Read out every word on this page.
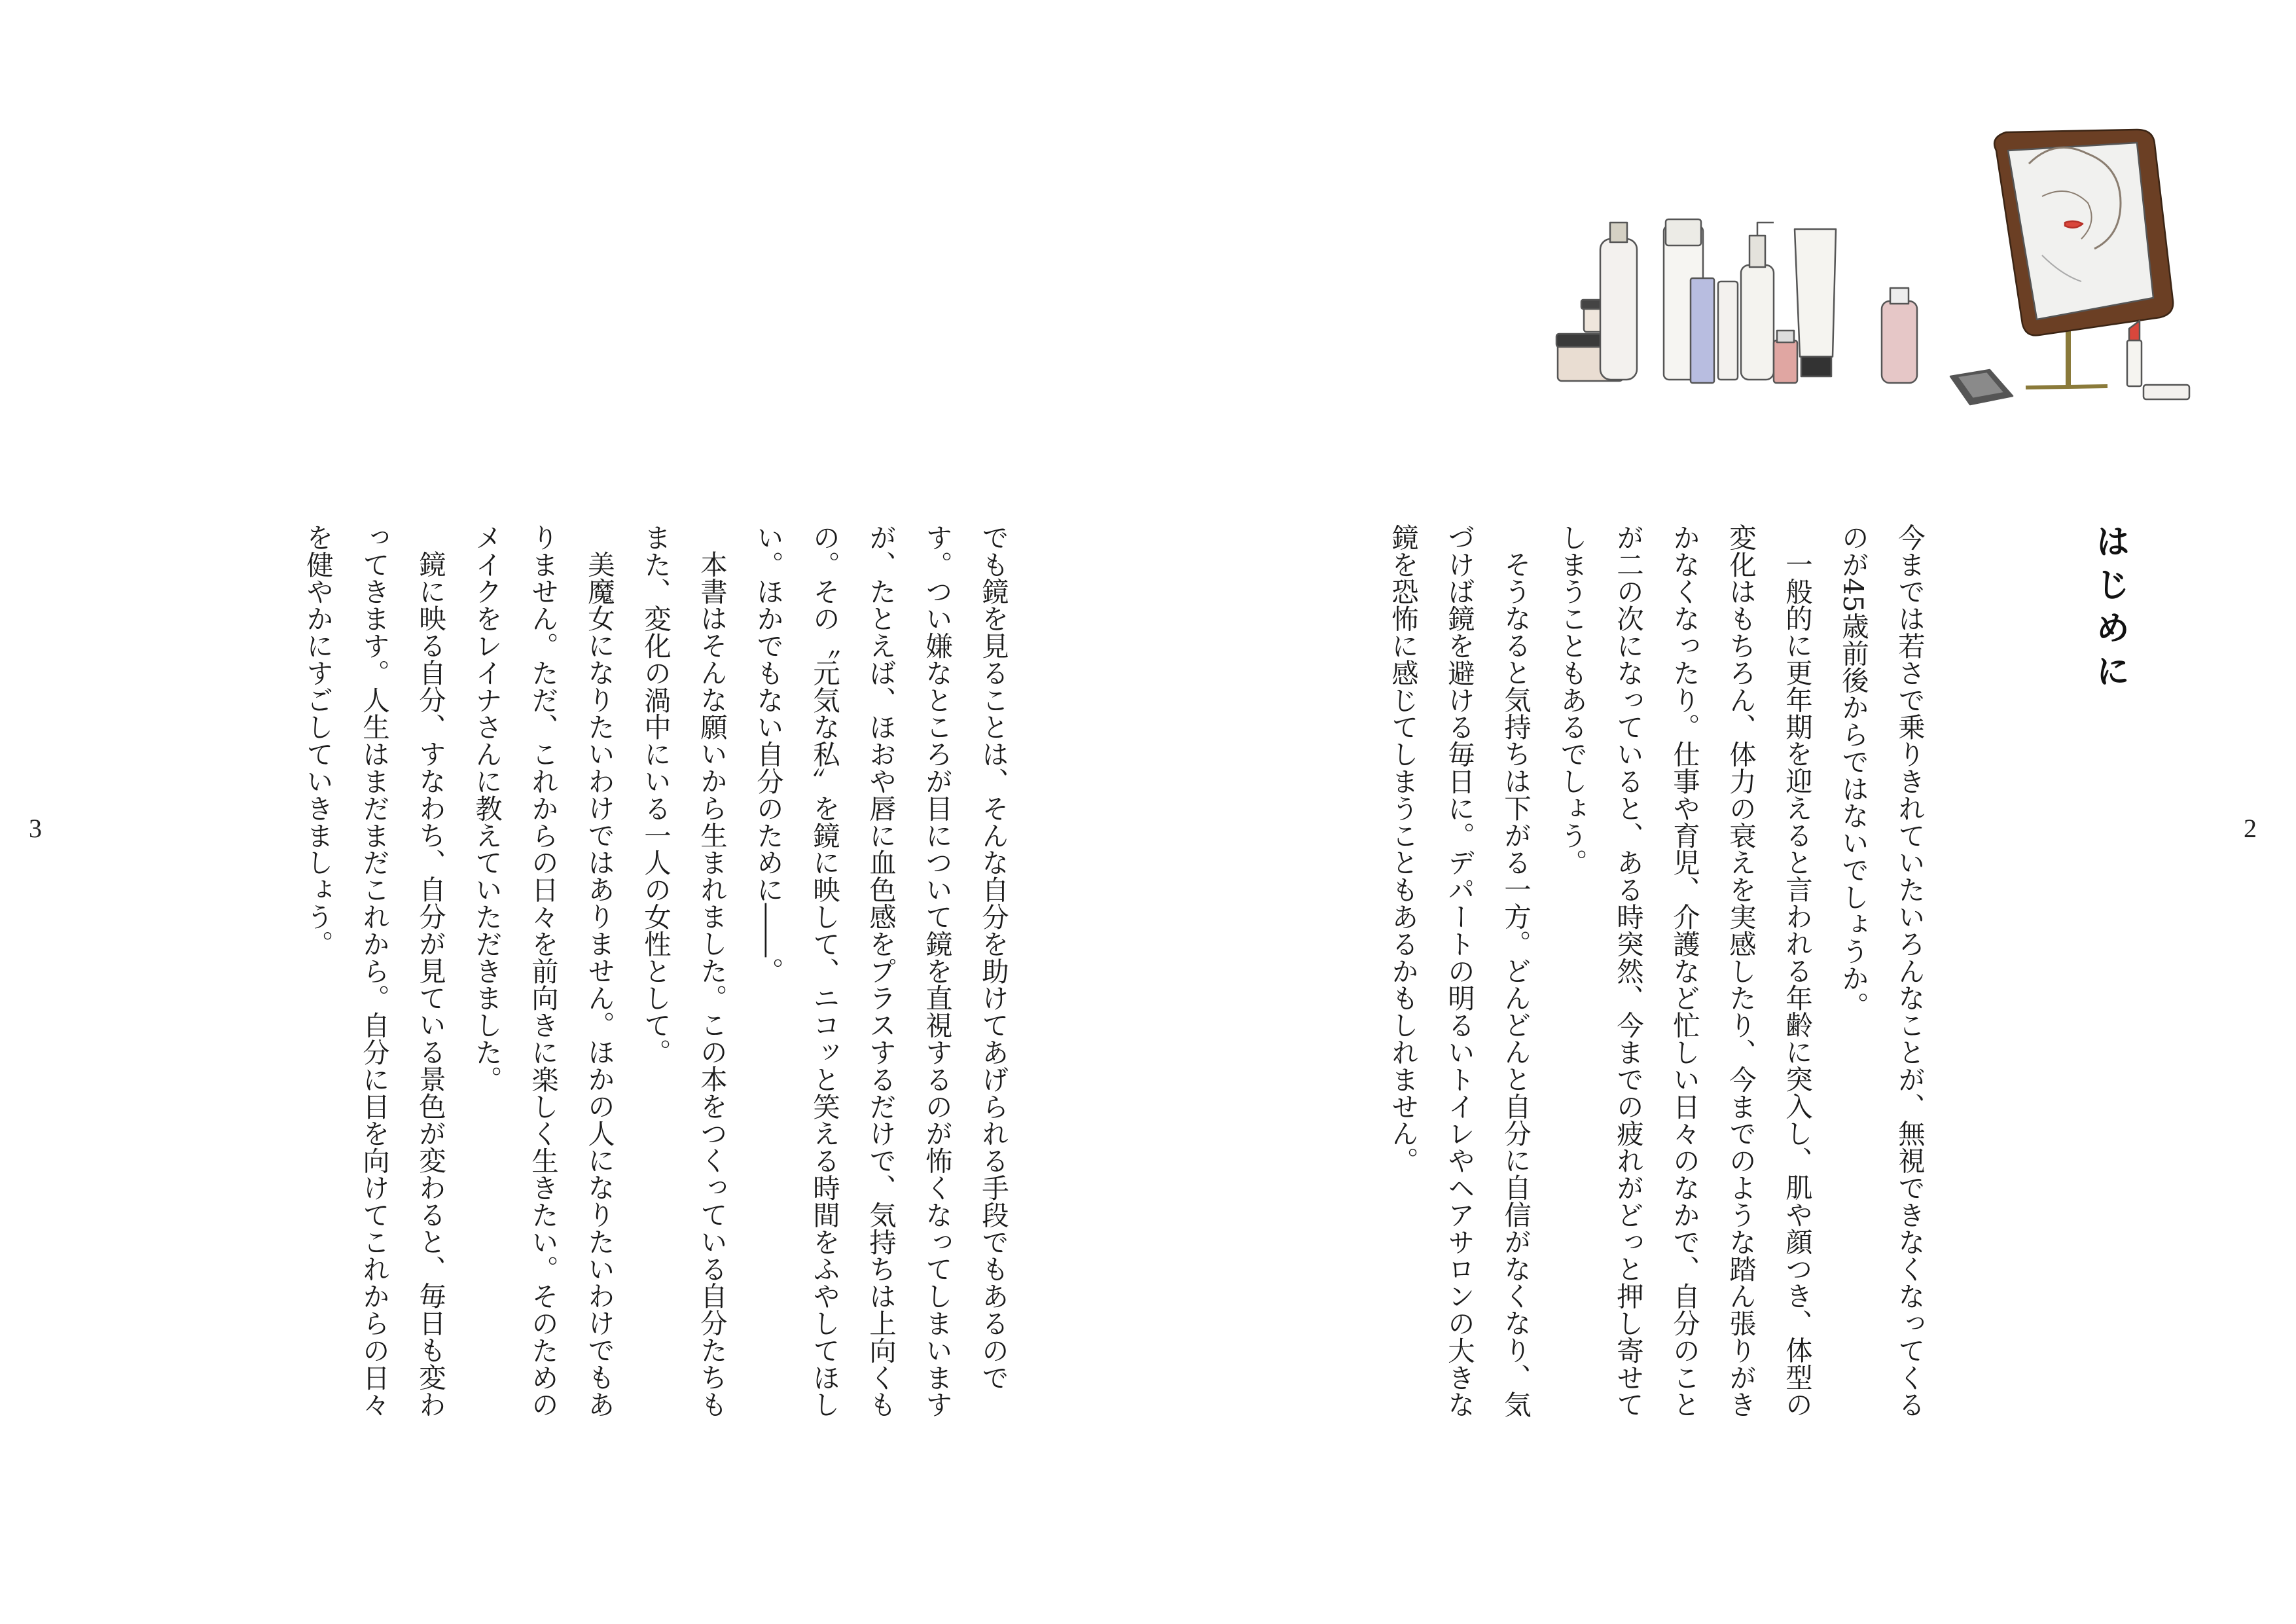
2
3
はじめに

今までは若さで乗りきれていたいろんなことが、無視できなくなってくるのが45歳前後からではないでしょうか。

一般的に更年期を迎えると言われる年齢に突入し、肌や顔つき、体型の変化はもちろん、体力の衰えを実感したり、今までのような踏ん張りがきかなくなったり。仕事や育児、介護など忙しい日々のなかで、自分のことが二の次になっていると、ある時突然、今までの疲れがどっと押し寄せてしまうこともあるでしょう。

そうなると気持ちは下がる一方。どんどんと自分に自信がなくなり、気づけば鏡を避ける毎日に。デパートの明るいトイレやヘアサロンの大きな鏡を恐怖に感じてしまうこともあるかもしれません。

でも鏡を見ることは、そんな自分を助けてあげられる手段でもあるのです。つい嫌なところが目について鏡を直視するのが怖くなってしまいますが、たとえば、ほおや唇に血色感をプラスするだけで、気持ちは上向くもの。その〝元気な私〟を鏡に映して、ニコッと笑える時間をふやしてほしい。ほかでもない自分のために――。

本書はそんな願いから生まれました。この本をつくっている自分たちもまた、変化の渦中にいる一人の女性として。

美魔女になりたいわけではありません。ほかの人になりたいわけでもありません。ただ、これからの日々を前向きに楽しく生きたい。そのためのメイクをレイナさんに教えていただきました。

鏡に映る自分、すなわち、自分が見ている景色が変わると、毎日も変わってきます。人生はまだまだこれから。自分に目を向けてこれからの日々を健やかにすごしていきましょう。
